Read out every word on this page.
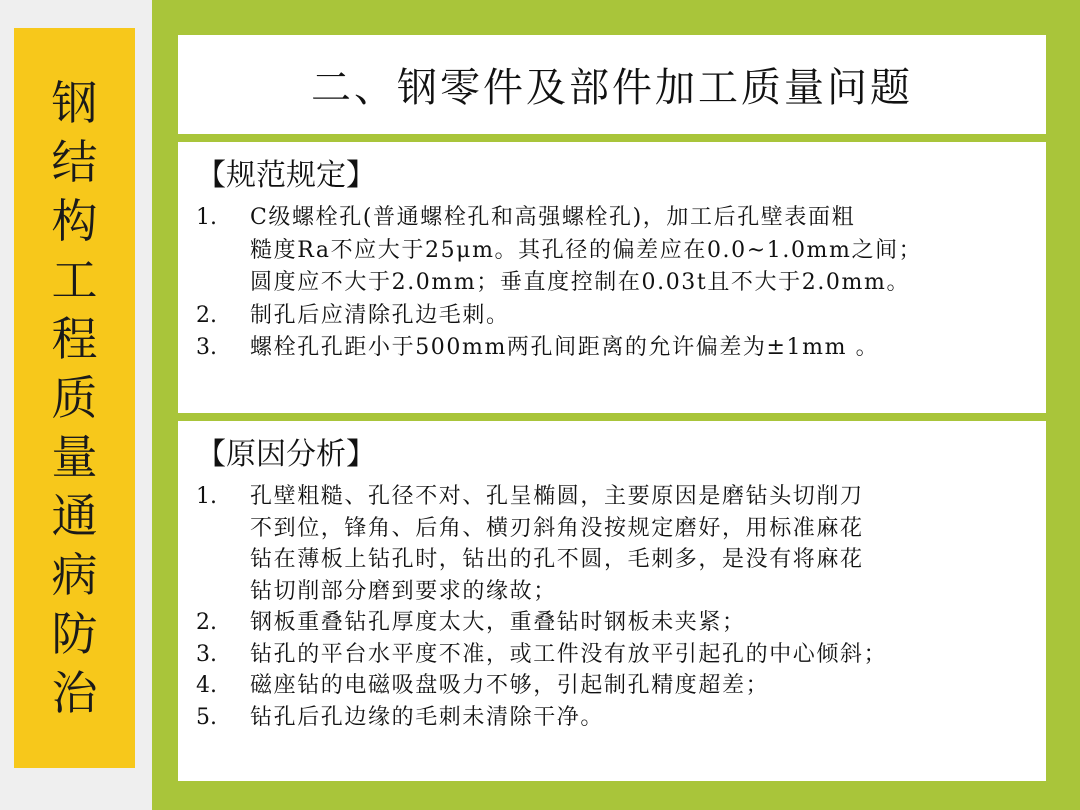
钢
结
构
工
程
质
量
通
病
防
治
二、钢零件及部件加工质量问题
【规范规定】
1.	C级螺栓孔(普通螺栓孔和高强螺栓孔)，加工后孔壁表面粗
糙度Ra不应大于25μm。其孔径的偏差应在0.0~1.0mm之间；
圆度应不大于2.0mm；垂直度控制在0.03t且不大于2.0mm。
2.	制孔后应清除孔边毛刺。
3.	螺栓孔孔距小于500mm两孔间距离的允许偏差为±1mm 。
【原因分析】
1.	孔壁粗糙、孔径不对、孔呈椭圆，主要原因是磨钻头切削刀
不到位，锋角、后角、横刃斜角没按规定磨好，用标准麻花
钻在薄板上钻孔时，钻出的孔不圆，毛刺多，是没有将麻花
钻切削部分磨到要求的缘故；
2.	钢板重叠钻孔厚度太大，重叠钻时钢板未夹紧；
3.	钻孔的平台水平度不准，或工件没有放平引起孔的中心倾斜；
4.	磁座钻的电磁吸盘吸力不够，引起制孔精度超差；
5.	钻孔后孔边缘的毛刺未清除干净。
